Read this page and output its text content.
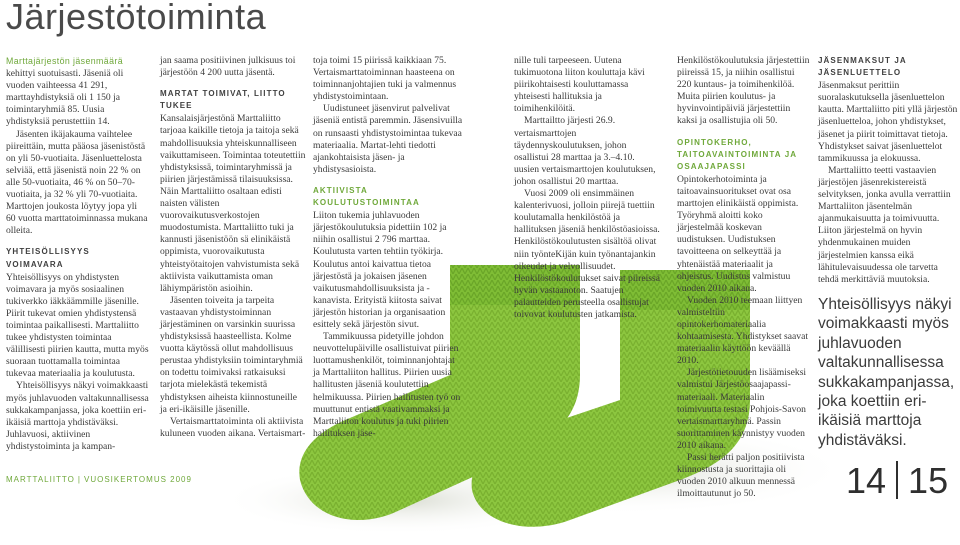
Järjestötoiminta

Marttajärjestön jäsenmäärä kehittyi suotuisasti. Jäseniä oli vuoden vaihteessa 41 291, marttayhdistyksiä oli 1 150 ja toimintaryhmiä 85. Uusia yhdistyksiä perustettiin 14.

Jäsenten ikäjakauma vaihtelee piireittäin, mutta pääosa jäsenistöstä on yli 50-vuotiaita. Jäsenluettelosta selviää, että jäsenistä noin 22 % on alle 50-vuotiaita, 46 % on 50–70-vuotiaita, ja 32 % yli 70-vuotiaita. Marttojen joukosta löytyy jopa yli 60 vuotta marttatoiminnassa mukana olleita.

YHTEISÖLLISYYS VOIMAVARA

Yhteisöllisyys on yhdistysten voimavara ja myös sosiaalinen tukiverkko iäkkäämmille jäsenille. Piirit tukevat omien yhdistystensä toimintaa paikallisesti. Marttaliitto tukee yhdistysten toimintaa välillisesti piirien kautta, mutta myös suoraan tuottamalla toimintaa tukevaa materiaalia ja koulutusta.

Yhteisöllisyys näkyi voimakkaasti myös juhlavuoden valtakunnallisessa sukkakampanjassa, joka koettiin eri-ikäisiä marttoja yhdistäväksi. Juhlavuosi, aktiivinen yhdistystoiminta ja kampan-

jan saama positiivinen julkisuus toi järjestöön 4 200 uutta jäsentä.

MARTAT TOIMIVAT, LIITTO TUKEE

Kansalaisjärjestönä Marttaliitto tarjoaa kaikille tietoja ja taitoja sekä mahdollisuuksia yhteiskunnalliseen vaikuttamiseen. Toimintaa toteutettiin yhdistyksissä, toimintaryhmissä ja piirien järjestämissä tilaisuuksissa. Näin Marttaliitto osaltaan edisti naisten välisten vuorovaikutusverkostojen muodostumista. Marttaliitto tuki ja kannusti jäsenistöön sä elinikäistä oppimista, vuorovaikutusta yhteistyötaitojen vahvistumista sekä aktiivista vaikuttamista oman lähiympäristön asioihin.

Jäsenten toiveita ja tarpeita vastaavan yhdistystoiminnan järjestäminen on varsinkin suurissa yhdistyksissä haasteellista. Kolme vuotta käytössä ollut mahdollisuus perustaa yhdistyksiin toimintaryhmiä on todettu toimivaksi ratkaisuksi tarjota mielekästä tekemistä yhdistyksen aiheista kiinnostuneille ja eri-ikäisille jäsenille.

Vertaismarttatoiminta oli aktiivista kuluneen vuoden aikana. Vertaismart-

toja toimi 15 piirissä kaikkiaan 75. Vertaismarttatoiminnan haasteena on toiminnanjohtajien tuki ja valmennus yhdistystoimintaan.

Uudistuneet jäsenvirut palvelivat jäseniä entistä paremmin. Jäsensivuilla on runsaasti yhdistystoimintaa tukevaa materiaalia. Martat-lehti tiedotti ajankohtaisista jäsen- ja yhdistysasioista.

AKTIIVISTA KOULUTUSTOIMINTAA

Liiton tukemia juhlavuoden järjestökoulutuksia pidettiin 102 ja niihin osallistui 2 796 marttaa. Koulutusta varten tehtiin työkirja. Koulutus antoi kaivattua tietoa järjestöstä ja jokaisen jäsenen vaikutusmahdollisuuksista ja -kanavista. Erityistä kiitosta saivat järjestön historian ja organisaation esittely sekä järjestön sivut.

Tammikuussa pidetyille johdon neuvottelupäiville osallistuivat piirien luottamushenkilöt, toiminnanjohtajat ja Marttaliiton hallitus. Piirien uusia hallitusten jäseniä koulutettiin helmikuussa. Piirien hallitusten työ on muuttunut entistä vaativammaksi ja Marttaliiton koulutus ja tuki piirien hallituksen jäse-

nille tuli tarpeeseen. Uutena tukimuotona liiton kouluttaja kävi piirikohtaisesti kouluttamassa yhteisesti hallituksia ja toimihenkilöitä.

Marttailtto järjesti 26.9. vertaismarttojen täydennyskoulutuksen, johon osallistui 28 marttaa ja 3.–4.10. uusien vertaismarttojen koulutuksen, johon osallistui 20 marttaa.

Vuosi 2009 oli ensimmäinen kalenterivuosi, jolloin piirejä tuettiin koulutamalla henkilöstöä ja hallituksen jäseniä henkilöstöasioissa. Henkilöstökoulutusten sisältöä olivat niin työnteKijän kuin työnantajankin oikeudet ja velvollisuudet. Henkilöstökoulutukset saivat piireissä hyvän vastaanoton. Saatujen palautteiden perusteella osallistujat toivovat koulutusten jatkamista.

Henkilöstökoulutuksia järjestettiin piireissä 15, ja niihin osallistui 220 kuntaus- ja toimihenkilöä. Muita piirien koulutus- ja hyvinvointipäiviä järjestettiin kaksi ja osallistujia oli 50.

OPINTOKERHO, TAITOAVAINTOIMINTA JA OSAAJAPASSI

Opintokerhotoiminta ja taitoavainsuoritukset ovat osa marttojen elinikäistä oppimista. Työryhmä aloitti koko järjestelmää koskevan uudistuksen. Uudistuksen tavoitteena on selkeyttää ja yhtenäistää materiaalit ja ohjeistus. Uudistus valmistuu vuoden 2010 aikana.

Vuoden 2010 teemaan liittyen valmisteltiin opintokerhomateriaalia kohtaamisesta. Yhdistykset saavat materiaalin käyttöön keväällä 2010.

Järjestötietouuden lisäämiseksi valmistui Järjestöosaajapassi-materiaali. Materiaalin toimivuutta testasi Pohjois-Savon vertaismarttaryhmä. Passin suorittaminen käynnistyy vuoden 2010 aikana.

Passi herätti paljon positiivista kiinnostusta ja suorittajia oli vuoden 2010 alkuun mennessä ilmoittautunut jo 50.

JÄSENMAKSUT JA JÄSENLUETTELO

Jäsenmaksut perittiin suoralaskutuksella jäsenluettelon kautta. Marttaliitto piti yllä järjestön jäsenluetteloa, johon yhdistykset, jäsenet ja piirit toimittavat tietoja. Yhdistykset saivat jäsenluettelot tammikuussa ja elokuussa.

Marttaliitto teetti vastaavien järjestöjen jäsenrekistereistä selvityksen, jonka avulla verrattiin Marttaliiton jäsentelmän ajanmukaisuutta ja toimivuutta. Liiton järjestelmä on hyvin yhdenmukainen muiden järjestelmien kanssa eikä lähitulevaisuudessa ole tarvetta tehdä merkittäviä muutoksia.

Yhteisöllisyys näkyi voimakkaasti myös juhlavuoden valtakunnallisessa sukkakampanjassa, joka koettiin eri-ikäisiä marttoja yhdistäväksi.
MARTTALIITTO | VUOSIKERTOMUS 2009	14 15
